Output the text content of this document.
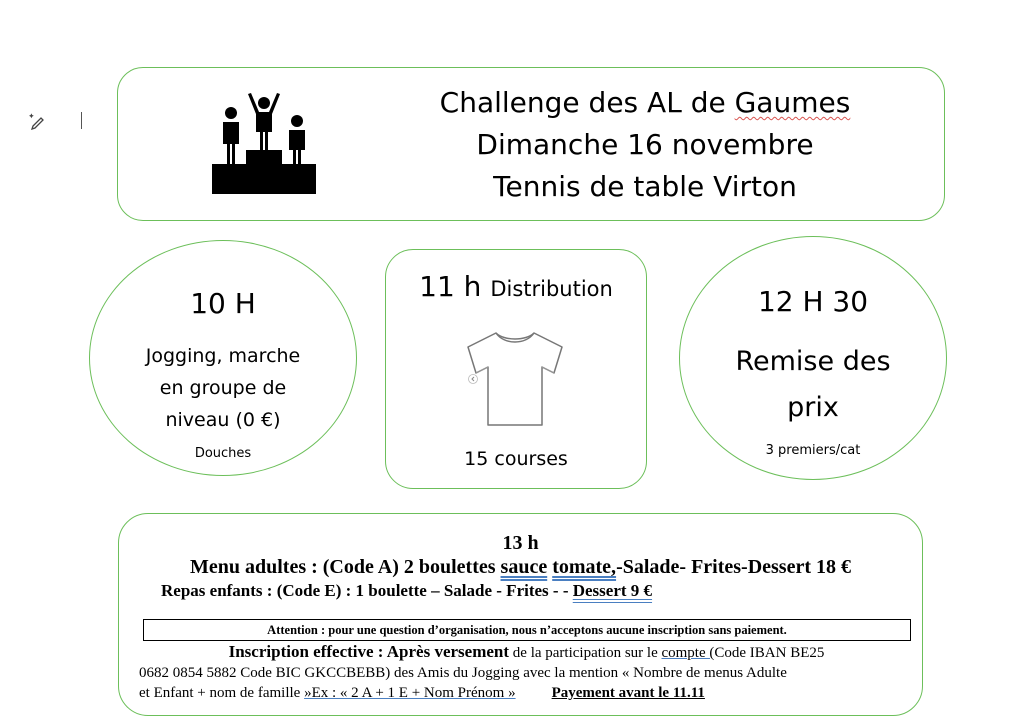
Challenge des AL de Gaumes
Dimanche 16 novembre
Tennis de table Virton
10 H
Jogging, marche
en groupe de
niveau (0 €)
Douches
11 h Distribution
15 courses
12 H 30
Remise des
prix
3 premiers/cat
13 h
Menu adultes : (Code A) 2 boulettes sauce tomate,-Salade- Frites-Dessert 18 €
Repas enfants : (Code E) : 1 boulette – Salade - Frites - - Dessert 9 €
Attention : pour une question d’organisation, nous n’acceptons aucune inscription sans paiement.
Inscription effective : Après versement de la participation sur le compte (Code IBAN BE25
0682 0854 5882 Code BIC GKCCBEBB) des Amis du Jogging avec la mention « Nombre de menus Adulte
et Enfant + nom de famille »Ex : « 2 A + 1 E + Nom Prénom » Payement avant le 11.11
